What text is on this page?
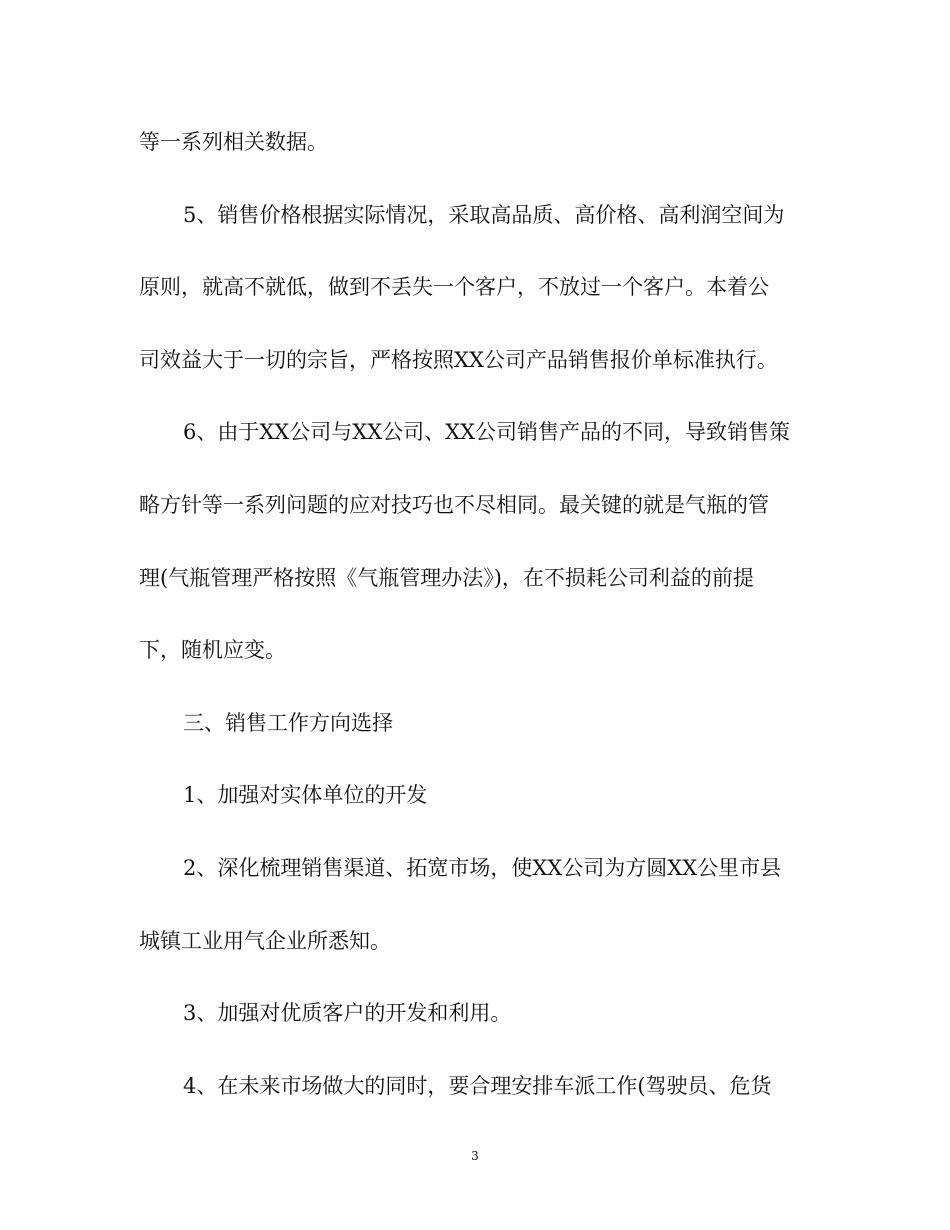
等一系列相关数据。
5、销售价格根据实际情况，采取高品质、高价格、高利润空间为
原则，就高不就低，做到不丢失一个客户，不放过一个客户。本着公
司效益大于一切的宗旨，严格按照XX公司产品销售报价单标准执行。
6、由于XX公司与XX公司、XX公司销售产品的不同，导致销售策
略方针等一系列问题的应对技巧也不尽相同。最关键的就是气瓶的管
理(气瓶管理严格按照《气瓶管理办法》)，在不损耗公司利益的前提
下，随机应变。
三、销售工作方向选择
1、加强对实体单位的开发
2、深化梳理销售渠道、拓宽市场，使XX公司为方圆XX公里市县
城镇工业用气企业所悉知。
3、加强对优质客户的开发和利用。
4、在未来市场做大的同时，要合理安排车派工作(驾驶员、危货
3
